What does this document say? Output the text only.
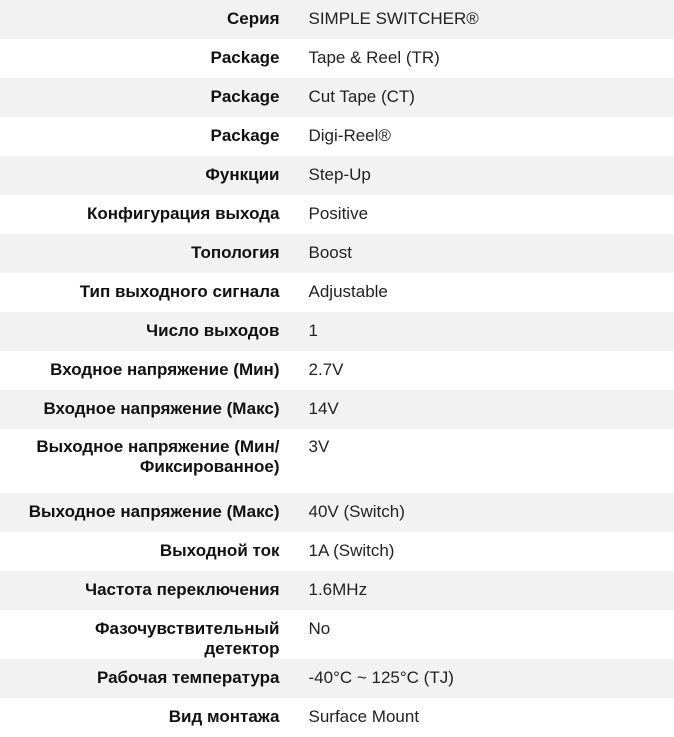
Серия	SIMPLE SWITCHER®
Package	Tape & Reel (TR)
Package	Cut Tape (CT)
Package	Digi-Reel®
Функции	Step-Up
Конфигурация выхода	Positive
Топология	Boost
Тип выходного сигнала	Adjustable
Число выходов	1
Входное напряжение (Мин)	2.7V
Входное напряжение (Макс)	14V
Выходное напряжение (Мин/ Фиксированное)	3V
Выходное напряжение (Макс)	40V (Switch)
Выходной ток	1A (Switch)
Частота переключения	1.6MHz
Фазочувствительный детектор	No
Рабочая температура	-40°C ~ 125°C (TJ)
Вид монтажа	Surface Mount
